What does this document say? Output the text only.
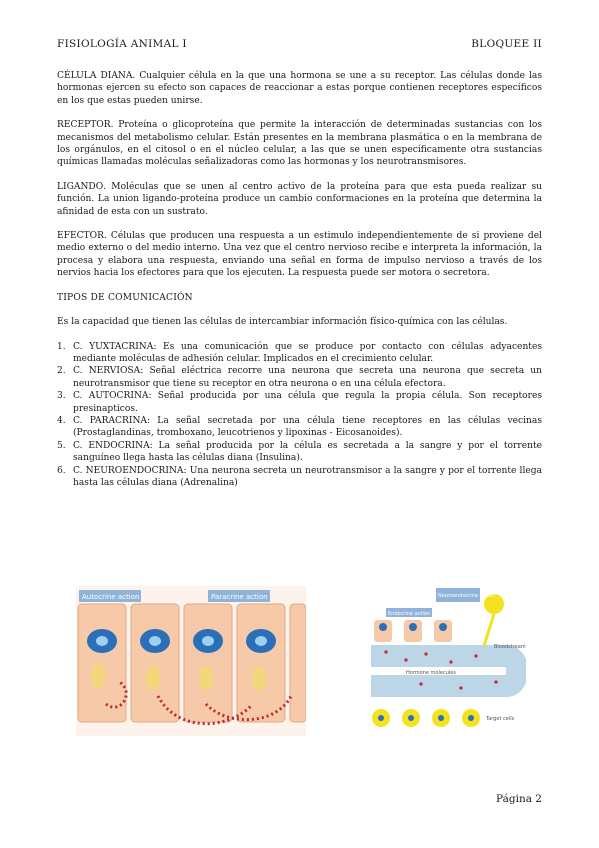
FISIOLOGÍA ANIMAL I	BLOQUEE II

CÉLULA DIANA. Cualquier célula en la que una hormona se une a su receptor. Las células donde las hormonas ejercen su efecto son capaces de reaccionar a estas porque contienen receptores específicos en los que estas pueden unirse.

RECEPTOR. Proteína o glicoproteína que permite la interacción de determinadas sustancias con los mecanismos del metabolismo celular. Están presentes en la membrana plasmática o en la membrana de los orgánulos, en el citosol o en el núcleo celular, a las que se unen específicamente otra sustancias químicas llamadas moléculas señalizadoras como las hormonas y los neurotransmisores.

LIGANDO. Moléculas que se unen al centro activo de la proteína para que esta pueda realizar su función. La union ligando-proteína produce un cambio conformaciones en la proteína que determina la afinidad de esta con un sustrato.

EFECTOR. Células que producen una respuesta a un estimulo independientemente de si proviene del medio externo o del medio interno. Una vez que el centro nervioso recibe e interpreta la información, la procesa y elabora una respuesta, enviando una señal en forma de impulso nervioso a través de los nervios hacia los efectores para que los ejecuten. La respuesta puede ser motora o secretora.

TIPOS DE COMUNICACIÓN

Es la capacidad que tienen las células de intercambiar información físico-química con las células.

1. C. YUXTACRINA: Es una comunicación que se produce por contacto con células adyacentes mediante moléculas de adhesión celular. Implicados en el crecimiento celular.
2. C. NERVIOSA: Señal eléctrica recorre una neurona que secreta una neurona que secreta un neurotransmisor que tiene su receptor en otra neurona o en una célula efectora.
3. C. AUTOCRINA: Señal producida por una célula que regula la propia célula. Son receptores presinapticos.
4. C. PARACRINA: La señal secretada por una célula tiene receptores en las células vecinas (Prostaglandinas, tromboxano, leucotrienos y lipoxinas - Eicosanoides).
5. C. ENDOCRINA: La señal producida por la célula es secretada a la sangre y por el torrente sanguíneo llega hasta las células diana (Insulina).
6. C. NEUROENDOCRINA: Una neurona secreta un neurotransmisor a la sangre y por el torrente llega hasta las células diana (Adrenalina)
Autocrine action	Paracrine action
Endocrine action
Neuroendocrine action
Bloodstream
Hormone molecules
Target cells
Página 2
